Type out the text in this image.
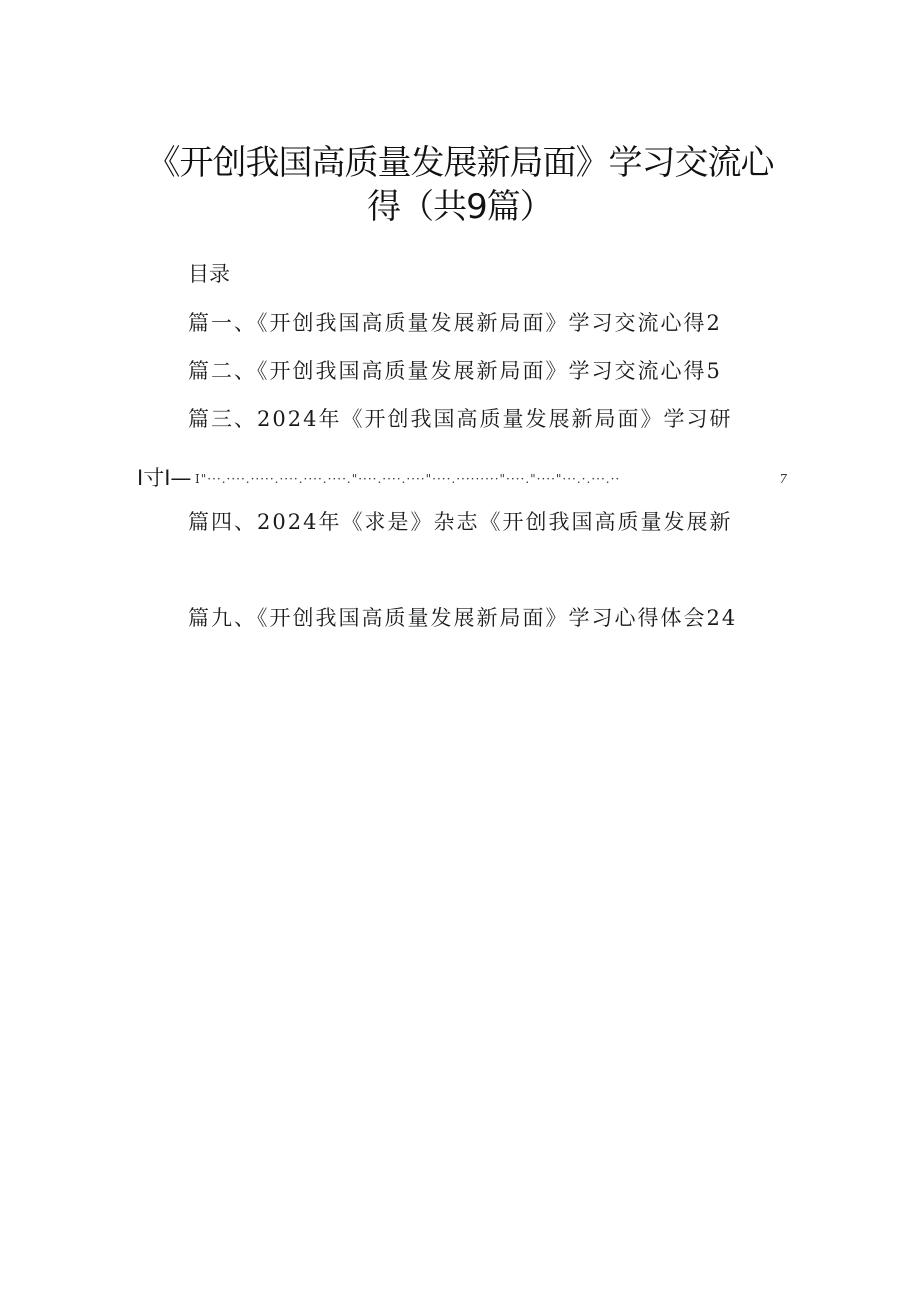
《开创我国高质量发展新局面》学习交流心
得（共9篇）
目录
篇一、《开创我国高质量发展新局面》学习交流心得2
篇二、《开创我国高质量发展新局面》学习交流心得5
篇三、2024年《开创我国高质量发展新局面》学习研
I寸I— I"···.····.·····.····.····.····."····.····.····"····.·········"····."····"···.·.···.··	7
篇四、2024年《求是》杂志《开创我国高质量发展新
篇九、《开创我国高质量发展新局面》学习心得体会24
